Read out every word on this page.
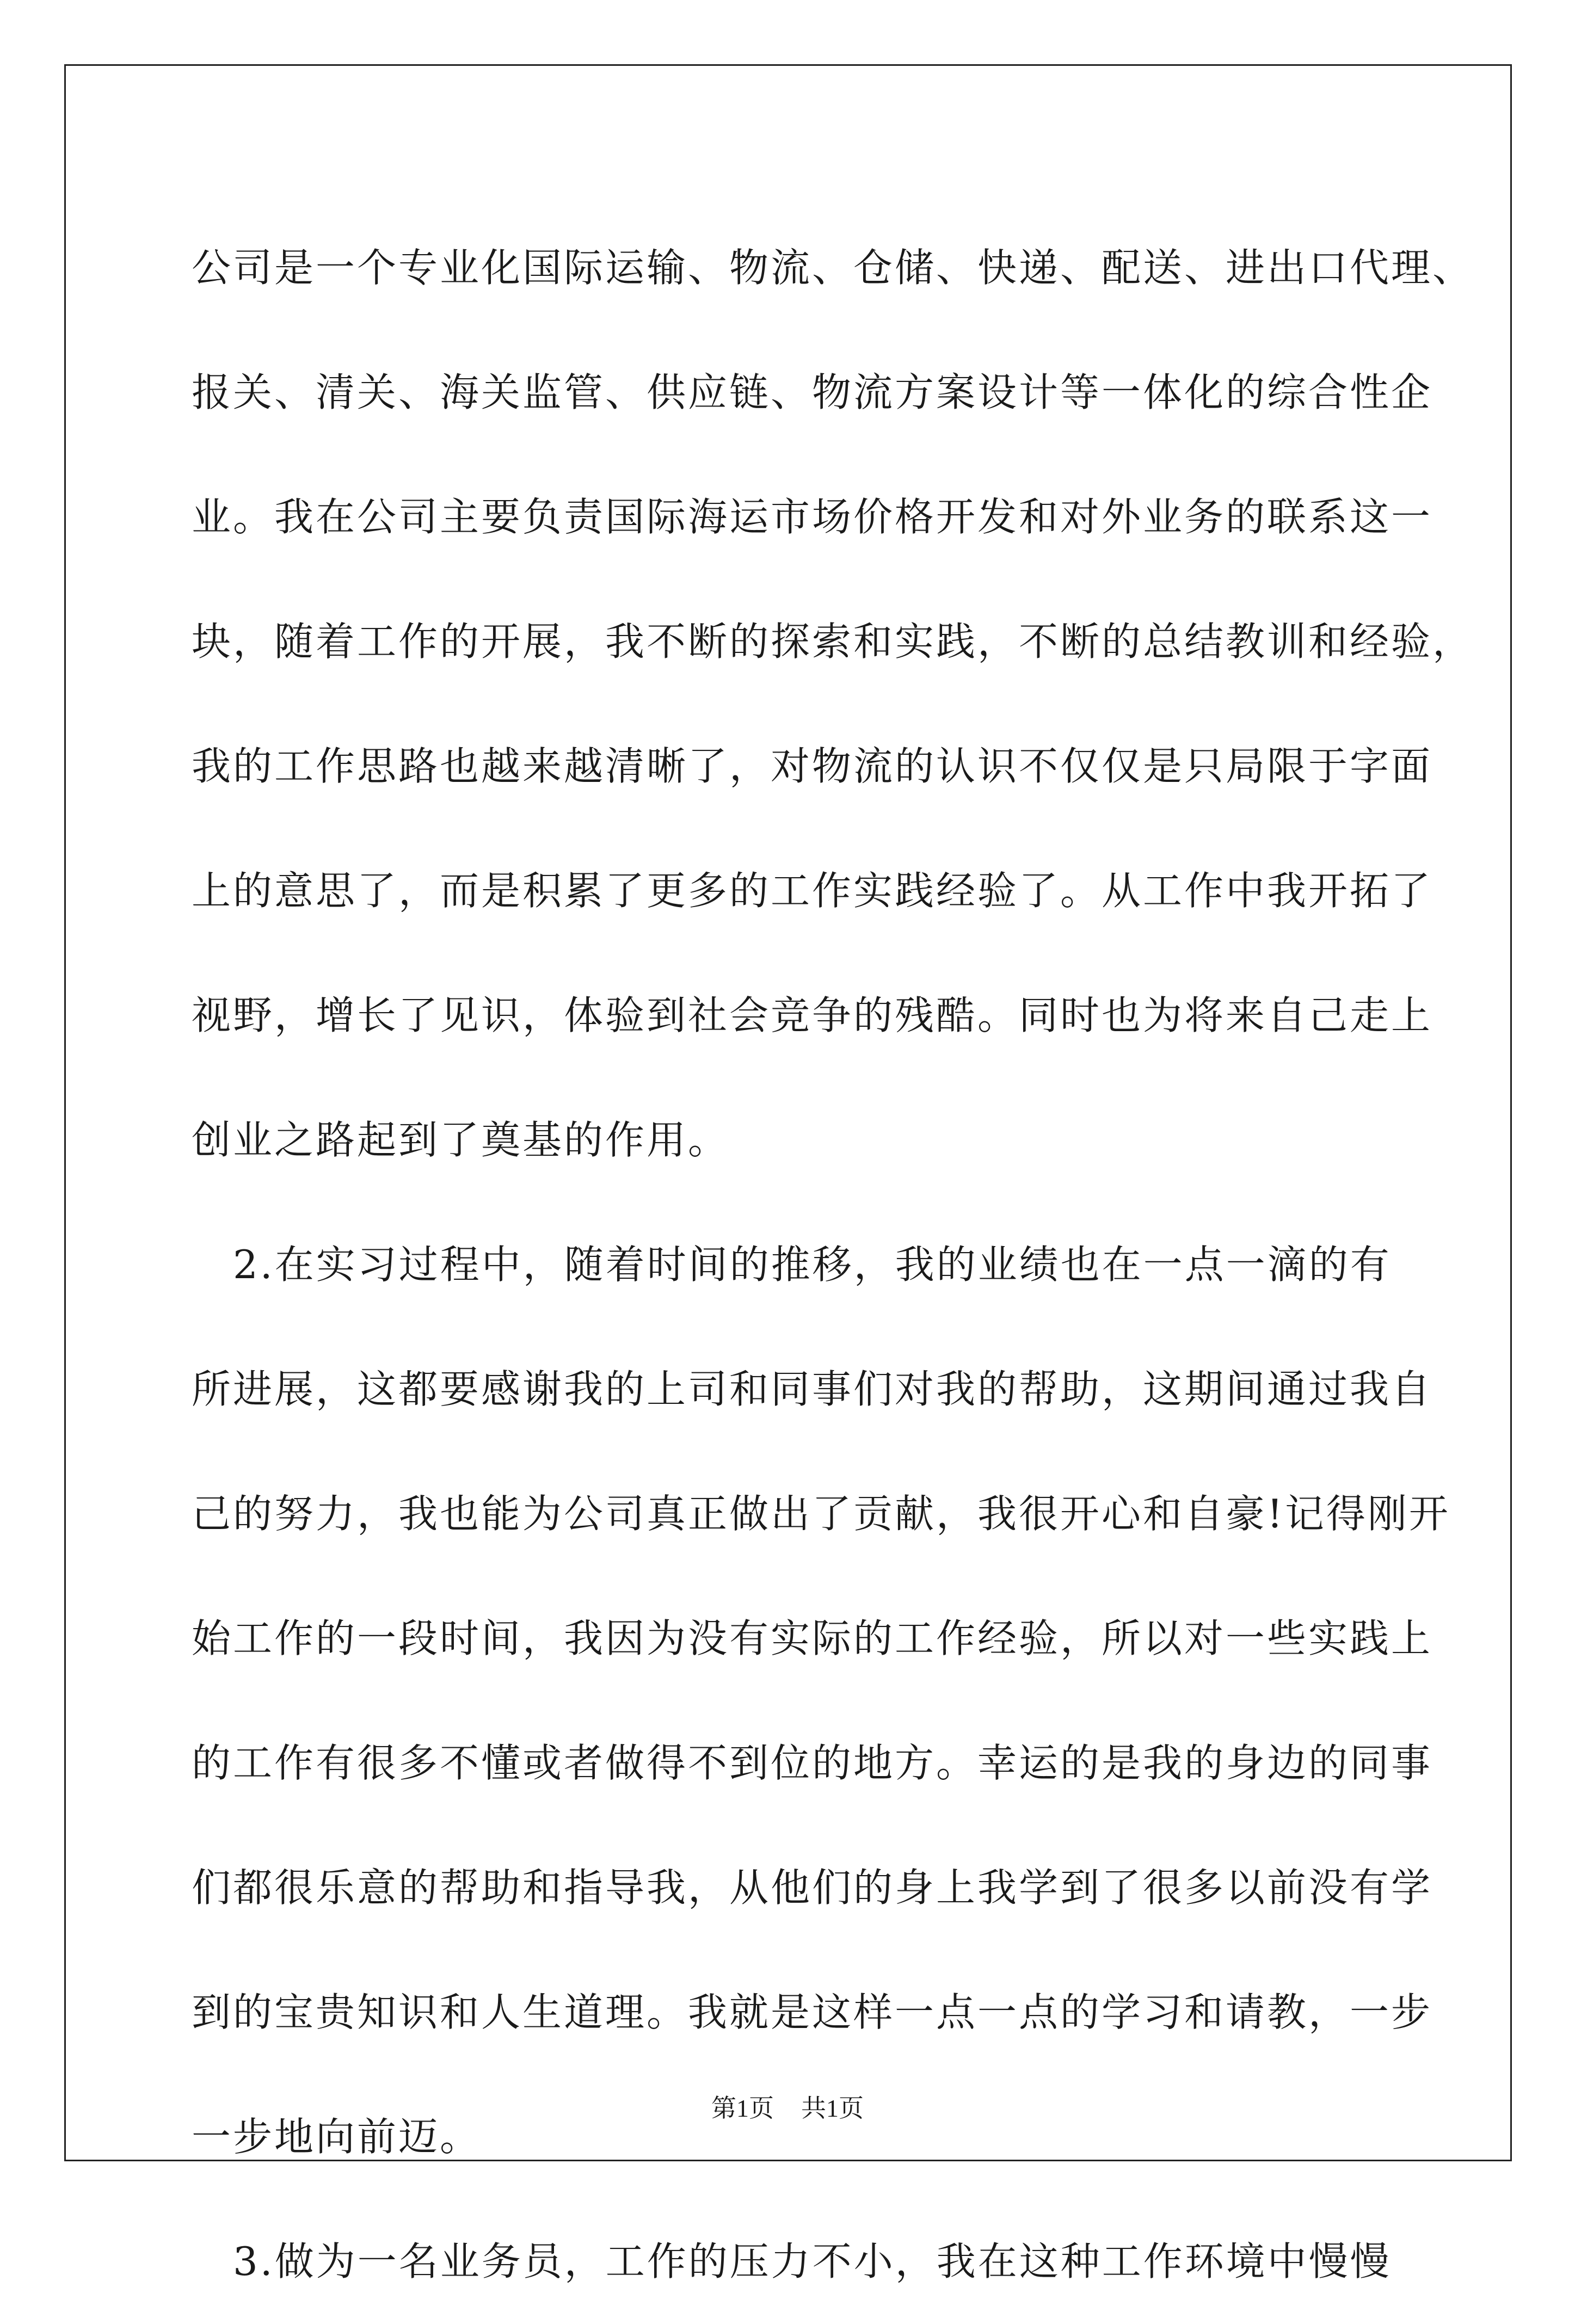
公司是一个专业化国际运输、物流、仓储、快递、配送、进出口代理、
报关、清关、海关监管、供应链、物流方案设计等一体化的综合性企
业。我在公司主要负责国际海运市场价格开发和对外业务的联系这一
块，随着工作的开展，我不断的探索和实践，不断的总结教训和经验，
我的工作思路也越来越清晰了，对物流的认识不仅仅是只局限于字面
上的意思了，而是积累了更多的工作实践经验了。从工作中我开拓了
视野，增长了见识，体验到社会竞争的残酷。同时也为将来自己走上
创业之路起到了奠基的作用。
　2.在实习过程中，随着时间的推移，我的业绩也在一点一滴的有
所进展，这都要感谢我的上司和同事们对我的帮助，这期间通过我自
己的努力，我也能为公司真正做出了贡献，我很开心和自豪!记得刚开
始工作的一段时间，我因为没有实际的工作经验，所以对一些实践上
的工作有很多不懂或者做得不到位的地方。幸运的是我的身边的同事
们都很乐意的帮助和指导我，从他们的身上我学到了很多以前没有学
到的宝贵知识和人生道理。我就是这样一点一点的学习和请教，一步
一步地向前迈。
　3.做为一名业务员，工作的压力不小，我在这种工作环境中慢慢
第1页 共1页
